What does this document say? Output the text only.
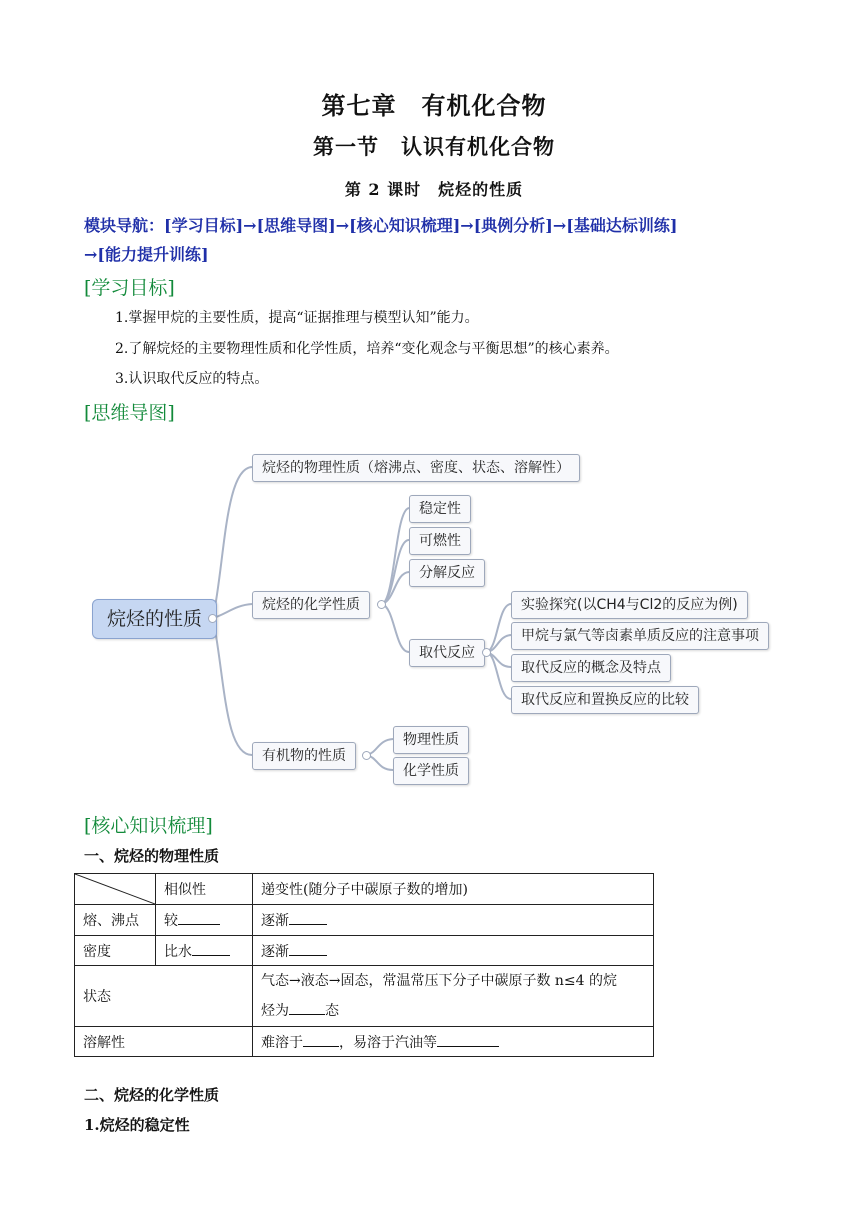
第七章　有机化合物
第一节　认识有机化合物
第 2 课时　烷烃的性质
模块导航：[学习目标]→[思维导图]→[核心知识梳理]→[典例分析]→[基础达标训练]
→[能力提升训练]
[学习目标]
1.掌握甲烷的主要性质，提高“证据推理与模型认知”能力。
2.了解烷烃的主要物理性质和化学性质，培养“变化观念与平衡思想”的核心素养。
3.认识取代反应的特点。
[思维导图]
烷烃的性质
烷烃的物理性质（熔沸点、密度、状态、溶解性）
烷烃的化学性质
稳定性
可燃性
分解反应
取代反应
实验探究(以CH4与Cl2的反应为例)
甲烷与氯气等卤素单质反应的注意事项
取代反应的概念及特点
取代反应和置换反应的比较
有机物的性质
物理性质
化学性质
[核心知识梳理]
一、烷烃的物理性质
	相似性	递变性(随分子中碳原子数的增加)
熔、沸点	较	逐渐
密度	比水	逐渐
状态		气态→液态→固态，常温常压下分子中碳原子数 n≤4 的烷
烃为 态
溶解性		难溶于 ，易溶于汽油等
二、烷烃的化学性质
1.烷烃的稳定性
